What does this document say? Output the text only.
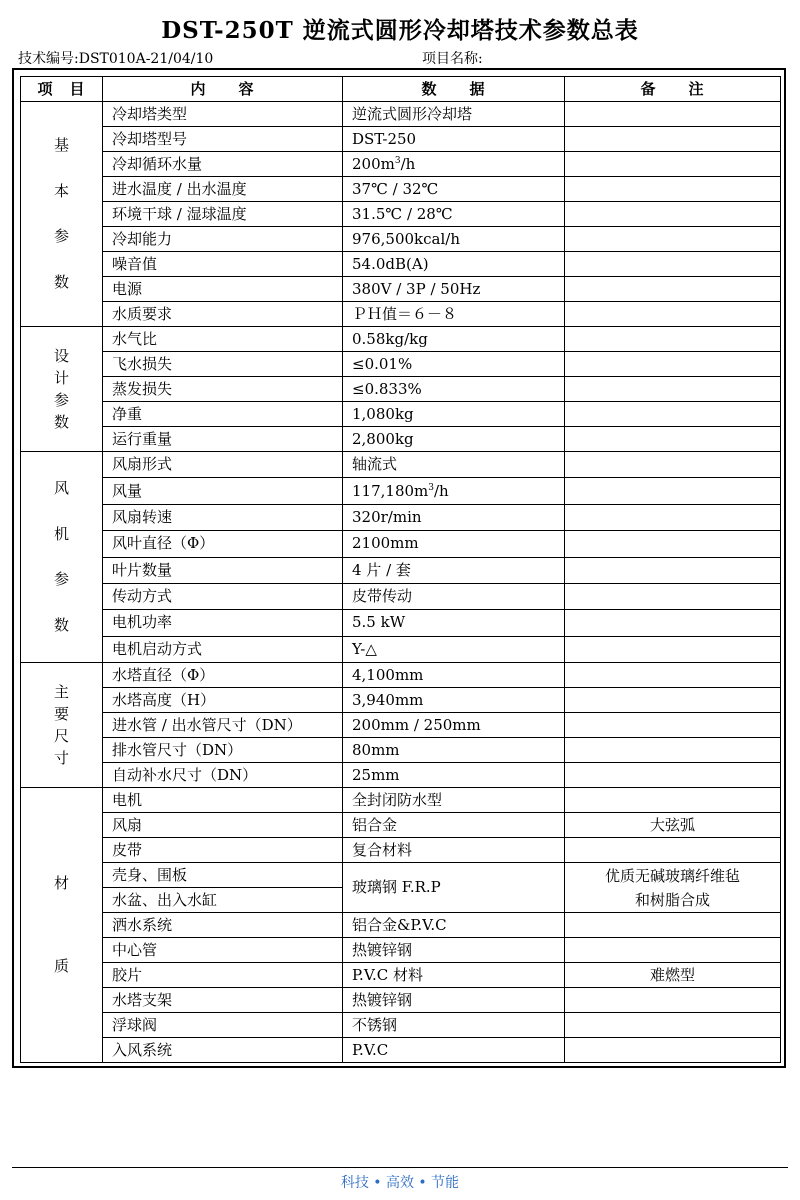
DST-250T 逆流式圆形冷却塔技术参数总表
技术编号:DST010A-21/04/10	项目名称:
项　目	内　　容	数　　据	备　　注

基
本
参
数	冷却塔类型	逆流式圆形冷却塔	
	冷却塔型号	DST-250	
	冷却循环水量	$200m^3/h$	
	进水温度 / 出水温度	37℃ / 32℃	
	环境干球 / 湿球温度	31.5℃ / 28℃	
	冷却能力	976,500kcal/h	
	噪音值	54.0dB(A)	
	电源	380V / 3P / 50Hz	
	水质要求	ＰＨ值＝６－８	

设
计
参
数	水气比	0.58kg/kg	
	飞水损失	≤0.01%	
	蒸发损失	≤0.833%	
	净重	1,080kg	
	运行重量	2,800kg	

风
机
参
数	风扇形式	轴流式	
	风量	$117,180m^3/h$	
	风扇转速	320r/min	
	风叶直径（Φ）	2100mm	
	叶片数量	4 片 / 套	
	传动方式	皮带传动	
	电机功率	5.5 kW	
	电机启动方式	Y-△	

主
要
尺
寸	水塔直径（Φ）	4,100mm	
	水塔高度（H）	3,940mm	
	进水管 / 出水管尺寸（DN）	200mm / 250mm	
	排水管尺寸（DN）	80mm	
	自动补水尺寸（DN）	25mm	

材
质	电机	全封闭防水型	
	风扇	铝合金	大弦弧
	皮带	复合材料	
	壳身、围板	玻璃钢 F.R.P	优质无碱玻璃纤维毡
和树脂合成

	水盆、出入水缸		
	洒水系统	铝合金&P.V.C	
	中心管	热镀锌钢	
	胶片	P.V.C 材料	难燃型
	水塔支架	热镀锌钢	
	浮球阀	不锈钢	
	入风系统	P.V.C	
科技 • 高效 • 节能
